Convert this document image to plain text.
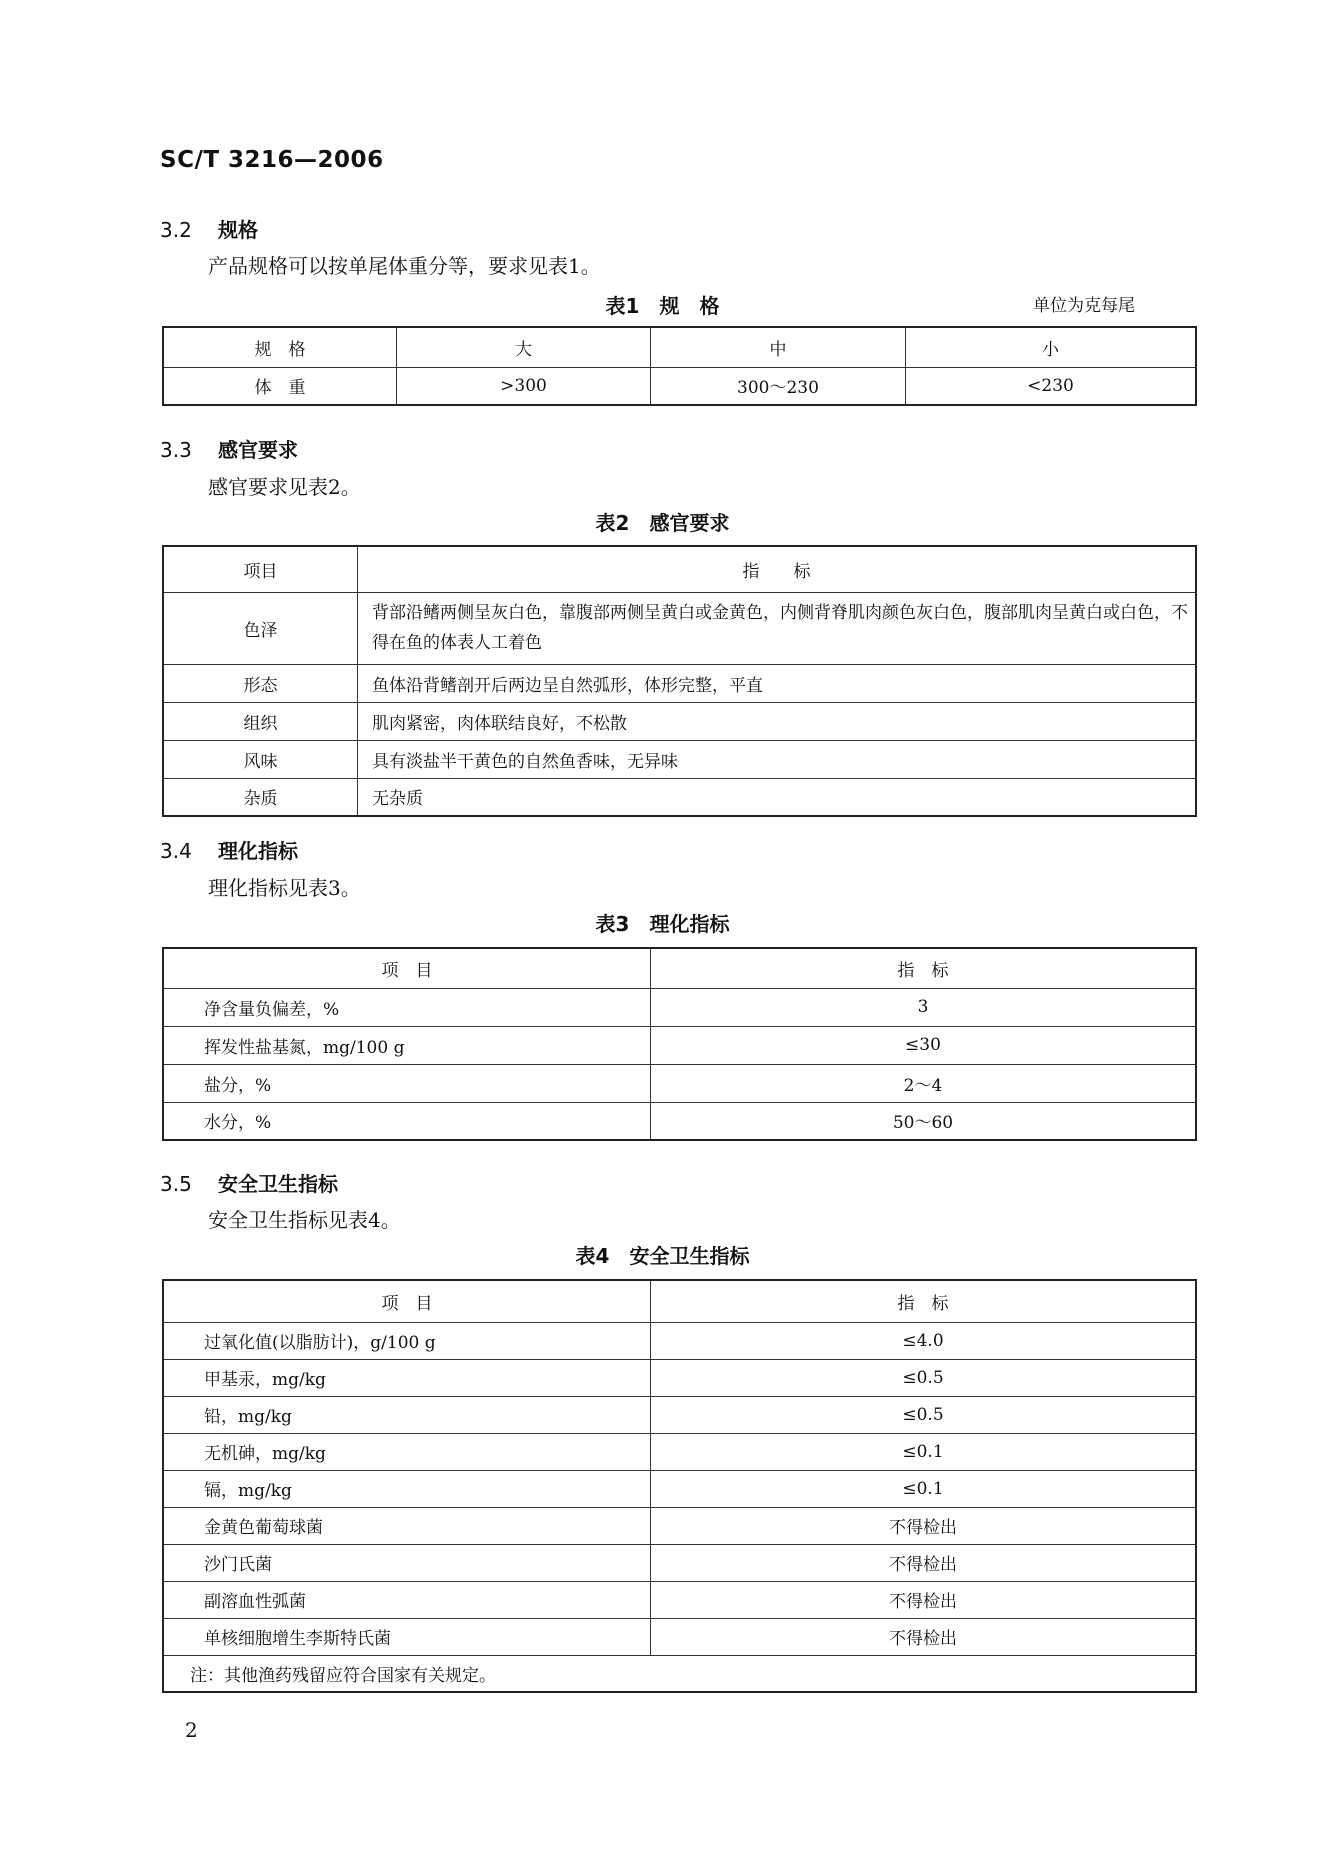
SC/T 3216—2006
3.2 规格
产品规格可以按单尾体重分等，要求见表1。
表1　规　格	单位为克每尾
规　格	大	中	小
体　重	>300	300～230	<230
3.3 感官要求
感官要求见表2。
表2　感官要求
项目	指　　标
色泽	背部沿鳍两侧呈灰白色，靠腹部两侧呈黄白或金黄色，内侧背脊肌肉颜色灰白色，腹部肌肉呈黄白或白色，不得在鱼的体表人工着色
形态	鱼体沿背鳍剖开后两边呈自然弧形，体形完整，平直
组织	肌肉紧密，肉体联结良好，不松散
风味	具有淡盐半干黄色的自然鱼香味，无异味
杂质	无杂质
3.4 理化指标
理化指标见表3。
表3　理化指标
项　目	指　标
净含量负偏差，%	3
挥发性盐基氮，mg/100 g	≤30
盐分，%	2～4
水分，%	50～60
3.5 安全卫生指标
安全卫生指标见表4。
表4　安全卫生指标
项　目	指　标
过氧化值(以脂肪计)，g/100 g	≤4.0
甲基汞，mg/kg	≤0.5
铅，mg/kg	≤0.5
无机砷，mg/kg	≤0.1
镉，mg/kg	≤0.1
金黄色葡萄球菌	不得检出
沙门氏菌	不得检出
副溶血性弧菌	不得检出
单核细胞增生李斯特氏菌	不得检出
注：其他渔药残留应符合国家有关规定。	
2
